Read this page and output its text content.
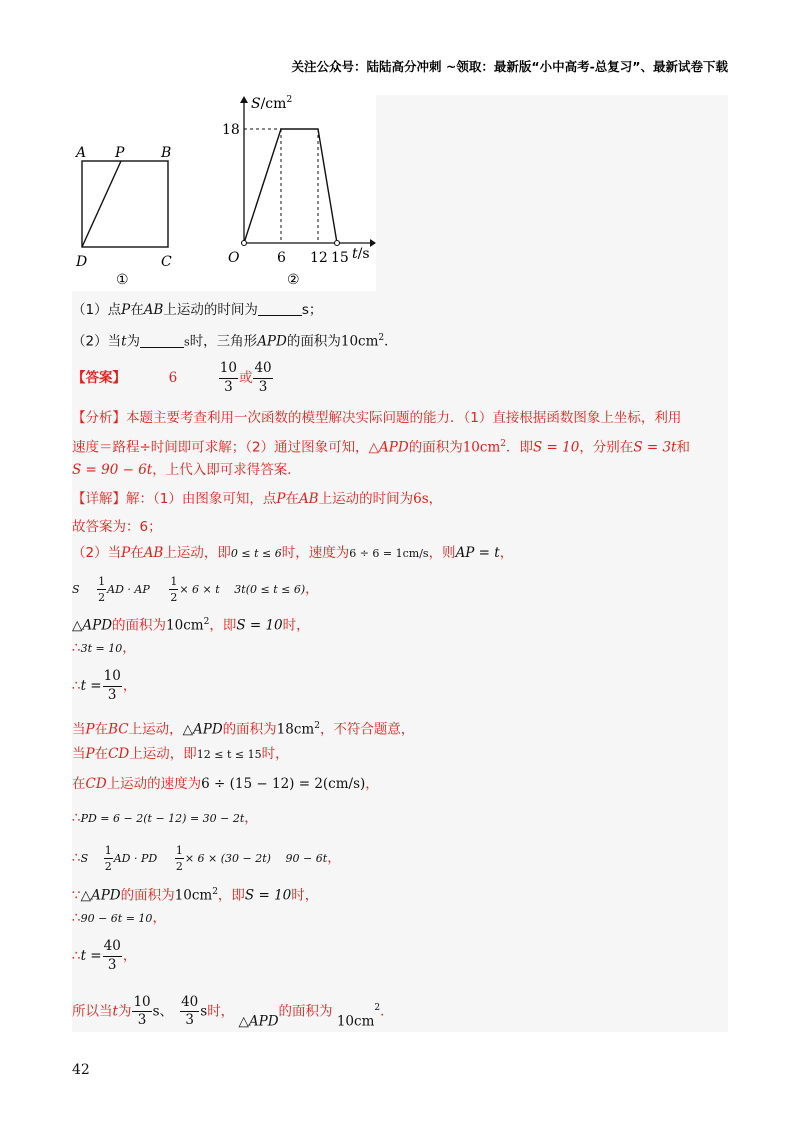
关注公众号：陆陆高分冲刺 ~领取：最新版“小中高考-总复习”、最新试卷下载
A P	B
D	C
①
18
O	6 12 15 t/s
$S/cm^2$
②
（1）点P在AB上运动的时间为	s；
（2）当t为	s时，三角形APD的面积为$10cm^2$．
【答案】	6	$\frac{10}{3}$ 或 $\frac{40}{3}$
【分析】本题主要考查利用一次函数的模型解决实际问题的能力．（1）直接根据函数图象上坐标，利用
速度＝路程÷时间即可求解；（2）通过图象可知，△APD的面积为$10cm^2$．即S = 10，分别在S = 3t和
S = 90 − 6t，上代入即可求得答案．
【详解】解：（1）由图象可知，点P在AB上运动的时间为6s，
故答案为：6；
（2）当P在AB上运动，即0 ≤ t ≤ 6时，速度为6 ÷ 6 = 1cm/s，则AP = t，
S $\frac{1}{2}$ AD · AP $\frac{1}{2} \times 6 \times t$ 3t(0 ≤ t ≤ 6)，
△APD的面积为$10cm^2$，即S = 10时，
∴3t = 10，
∴t = $\frac{10}{3}$ ，
当P在BC上运动，△APD的面积为$18cm^2$，不符合题意，
当P在CD上运动，即12 ≤ t ≤ 15时，
在CD上运动的速度为6 ÷ (15 − 12) = 2(cm/s)，
∴PD = 6 − 2(t − 12) = 30 − 2t，
∴S $\frac{1}{2}$ AD · PD $\frac{1}{2} \times 6 \times (30 - 2t) 90 - 6t$，
∵△APD的面积为$10cm^2$，即S = 10时，
∴90 − 6t = 10，
∴t = $\frac{40}{3}$ ，
所以当t为 $\frac{10}{3}$ s、 $\frac{40}{3}$ s时， △APD的面积为 $10cm^2$．
42
